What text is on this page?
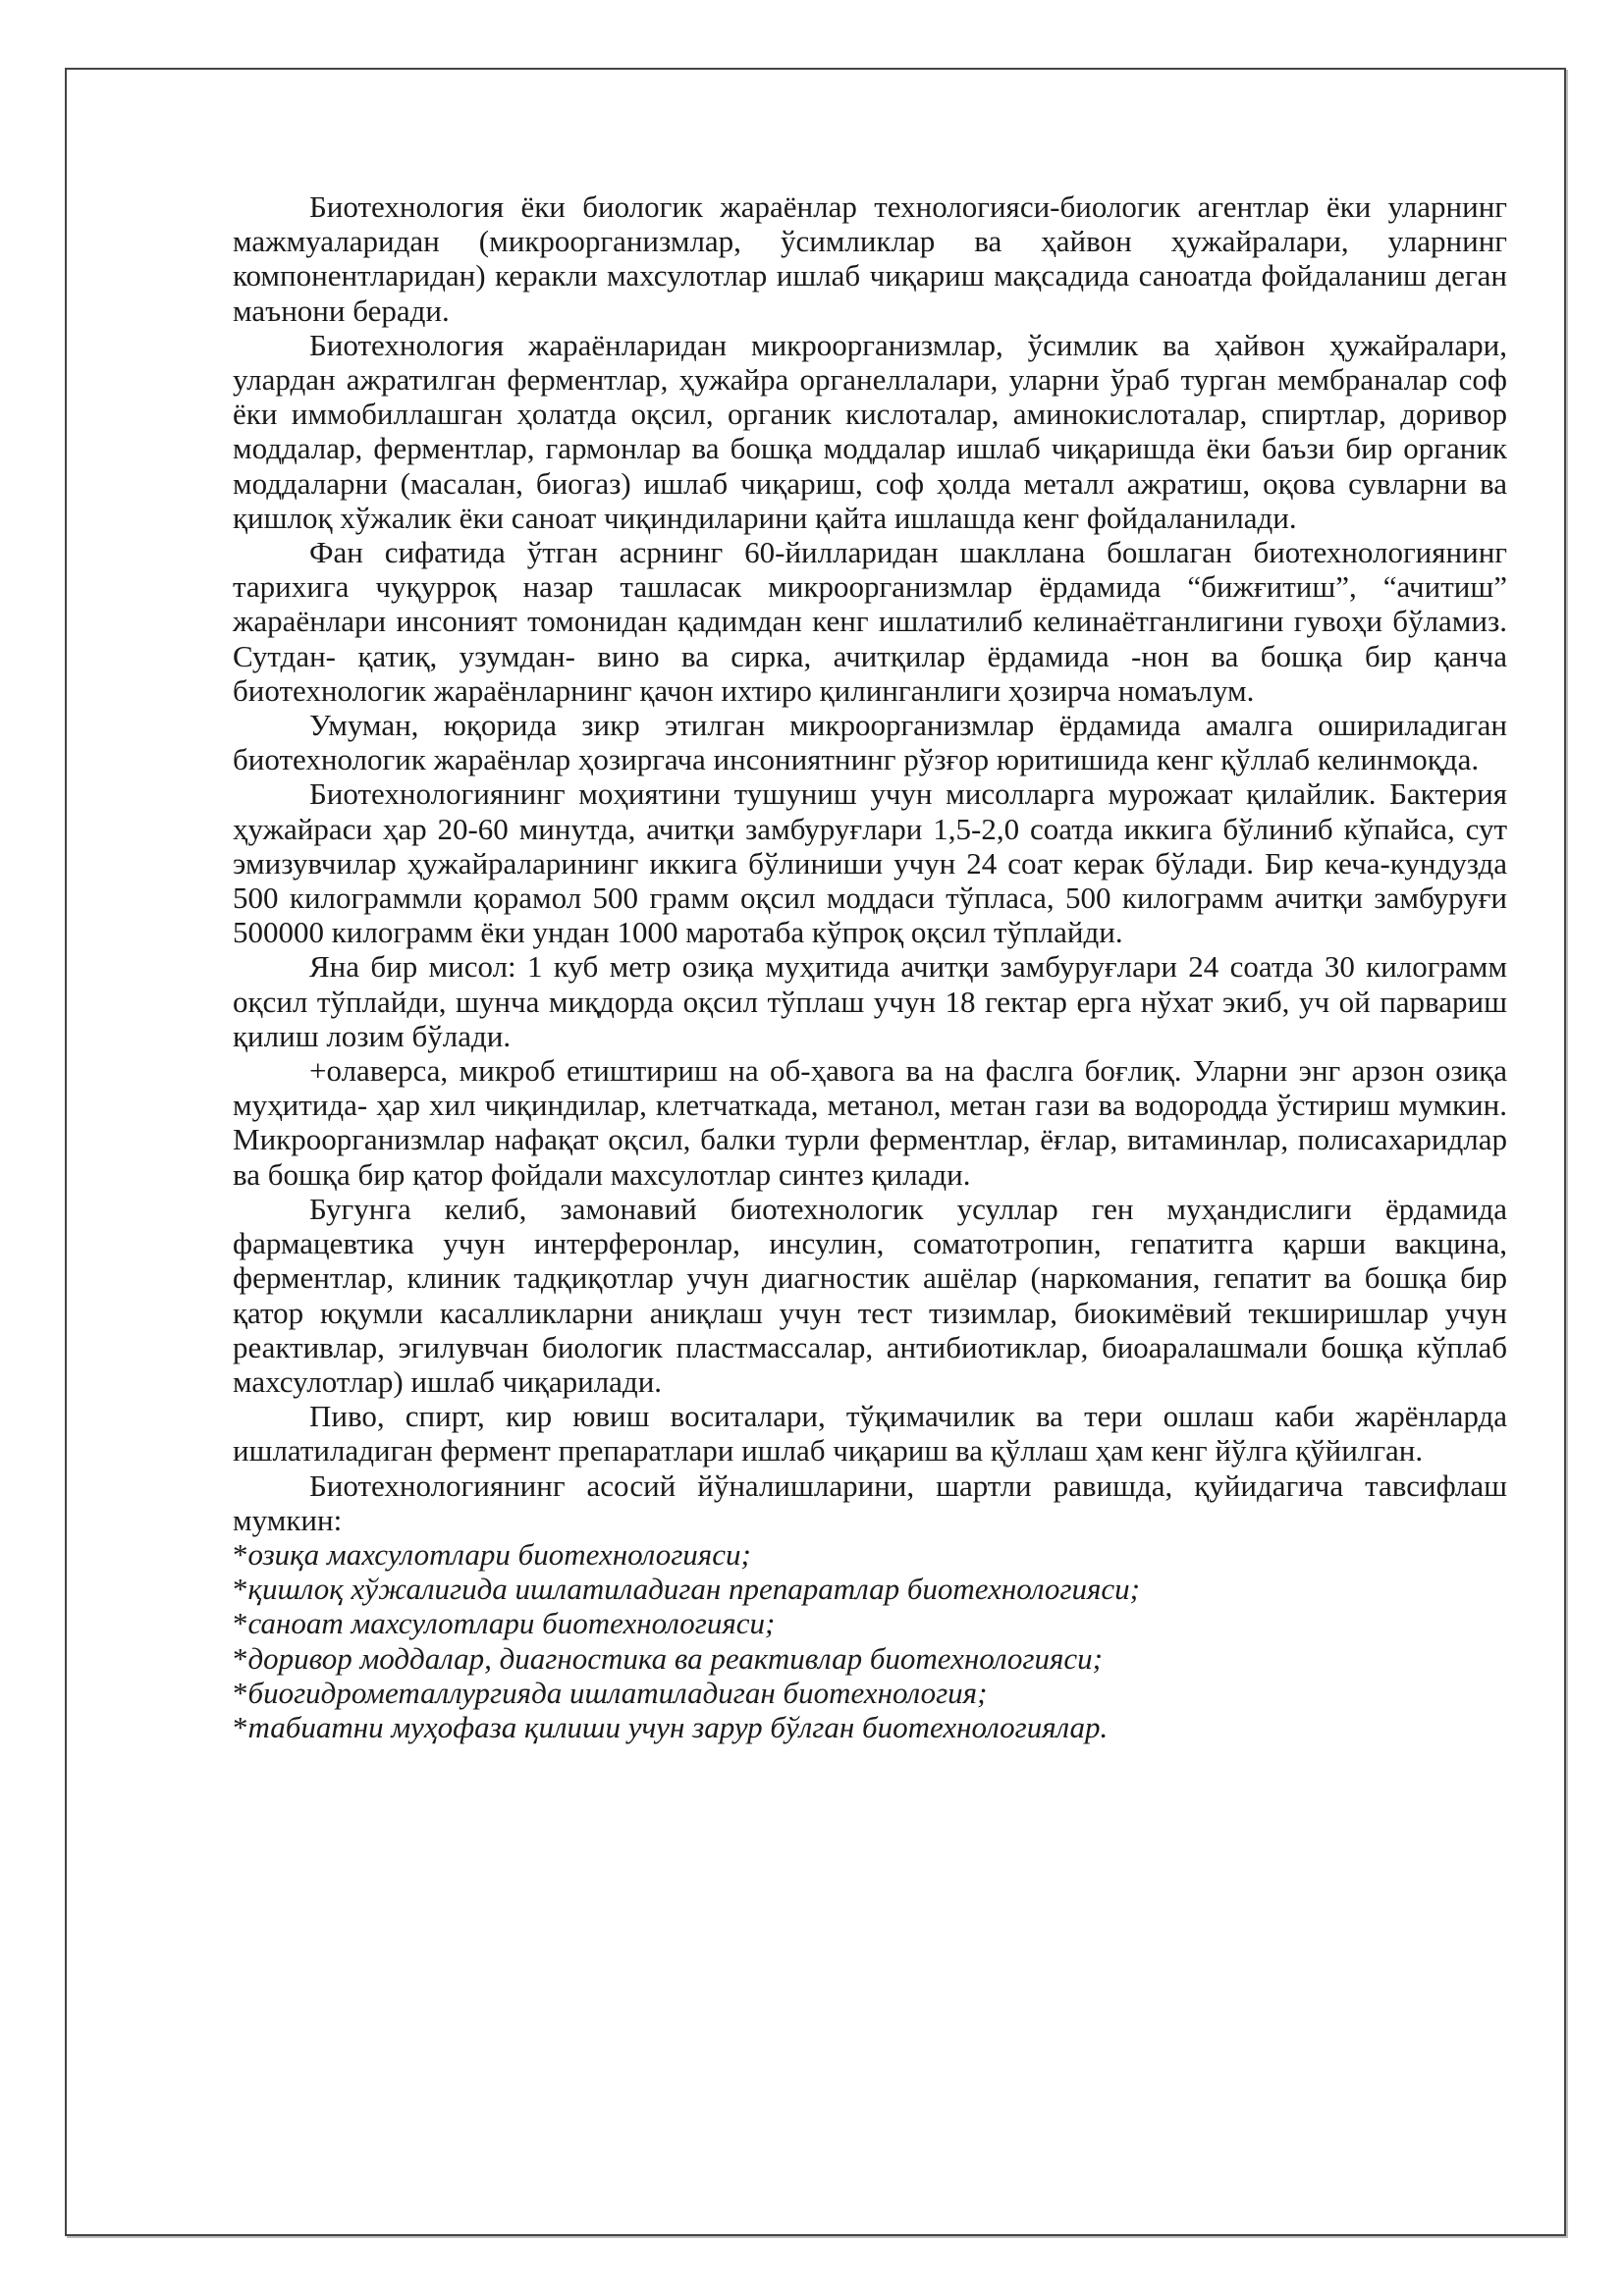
Биотехнология ёки биологик жараёнлар технологияси-биологик агентлар ёки уларнинг мажмуаларидан (микроорганизмлар, ўсимликлар ва ҳайвон ҳужайралари, уларнинг компонентларидан) керакли махсулотлар ишлаб чиқариш мақсадида саноатда фойдаланиш деган маънони беради.

Биотехнология жараёнларидан микроорганизмлар, ўсимлик ва ҳайвон ҳужайралари, улардан ажратилган ферментлар, ҳужайра органеллалари, уларни ўраб турган мембраналар соф ёки иммобиллашган ҳолатда оқсил, органик кислоталар, аминокислоталар, спиртлар, доривор моддалар, ферментлар, гармонлар ва бошқа моддалар ишлаб чиқаришда ёки баъзи бир органик моддаларни (масалан, биогаз) ишлаб чиқариш, соф ҳолда металл ажратиш, оқова сувларни ва қишлоқ хўжалик ёки саноат чиқиндиларини қайта ишлашда кенг фойдаланилади.

Фан сифатида ўтган асрнинг 60-йилларидан шакллана бошлаган биотехнологиянинг тарихига чуқурроқ назар ташласак микроорганизмлар ёрдамида “бижғитиш”, “ачитиш” жараёнлари инсоният томонидан қадимдан кенг ишлатилиб келинаётганлигини гувоҳи бўламиз. Сутдан- қатиқ, узумдан- вино ва сирка, ачитқилар ёрдамида -нон ва бошқа бир қанча биотехнологик жараёнларнинг қачон ихтиро қилинганлиги ҳозирча номаълум.

Умуман, юқорида зикр этилган микроорганизмлар ёрдамида амалга ошириладиган биотехнологик жараёнлар ҳозиргача инсониятнинг рўзғор юритишида кенг қўллаб келинмоқда.

Биотехнологиянинг моҳиятини тушуниш учун мисолларга мурожаат қилайлик. Бактерия ҳужайраси ҳар 20-60 минутда, ачитқи замбуруғлари 1,5-2,0 соатда иккига бўлиниб кўпайса, сут эмизувчилар ҳужайраларининг иккига бўлиниши учун 24 соат керак бўлади. Бир кеча-кундузда 500 килограммли қорамол 500 грамм оқсил моддаси тўпласа, 500 килограмм ачитқи замбуруғи 500000 килограмм ёки ундан 1000 маротаба кўпроқ оқсил тўплайди.

Яна бир мисол: 1 куб метр озиқа муҳитида ачитқи замбуруғлари 24 соатда 30 килограмм оқсил тўплайди, шунча миқдорда оқсил тўплаш учун 18 гектар ерга нўхат экиб, уч ой парвариш қилиш лозим бўлади.

+олаверса, микроб етиштириш на об-ҳавога ва на фаслга боғлиқ. Уларни энг арзон озиқа муҳитида- ҳар хил чиқиндилар, клетчаткада, метанол, метан гази ва водородда ўстириш мумкин. Микроорганизмлар нафақат оқсил, балки турли ферментлар, ёғлар, витаминлар, полисахаридлар ва бошқа бир қатор фойдали махсулотлар синтез қилади.

Бугунга келиб, замонавий биотехнологик усуллар ген муҳандислиги ёрдамида фармацевтика учун интерферонлар, инсулин, соматотропин, гепатитга қарши вакцина, ферментлар, клиник тадқиқотлар учун диагностик ашёлар (наркомания, гепатит ва бошқа бир қатор юқумли касалликларни аниқлаш учун тест тизимлар, биокимёвий текширишлар учун реактивлар, эгилувчан биологик пластмассалар, антибиотиклар, биоаралашмали бошқа кўплаб махсулотлар) ишлаб чиқарилади.

Пиво, спирт, кир ювиш воситалари, тўқимачилик ва тери ошлаш каби жарёнларда ишлатиладиган фермент препаратлари ишлаб чиқариш ва қўллаш ҳам кенг йўлга қўйилган.

Биотехнологиянинг асосий йўналишларини, шартли равишда, қуйидагича тавсифлаш мумкин:

*озиқа махсулотлари биотехнологияси;
*қишлоқ хўжалигида ишлатиладиган препаратлар биотехнологияси;
*саноат махсулотлари биотехнологияси;
*доривор моддалар, диагностика ва реактивлар биотехнологияси;
*биогидрометаллургияда ишлатиладиган биотехнология;
*табиатни муҳофаза қилиши учун зарур бўлган биотехнологиялар.
